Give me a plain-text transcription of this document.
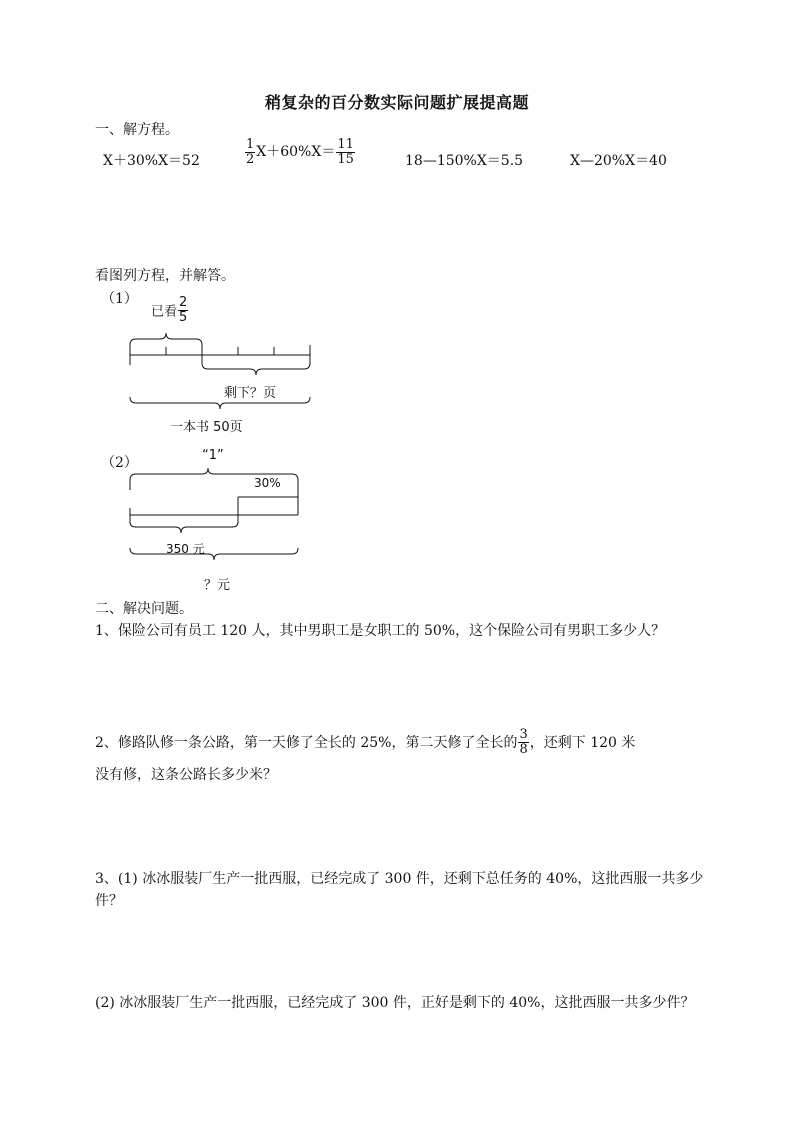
稍复杂的百分数实际问题扩展提高题
一、解方程。
X＋30%X＝52	$\frac{1}{2} X+60\%X= \frac{11}{15}$	18—150%X＝5.5	X—20%X＝40
看图列方程，并解答。
（1）
已看 $\frac{2}{5}$
剩下？页
一本书 50页
（2）	“1”
30%
350 元
？元
二、解决问题。
1、保险公司有员工 120 人，其中男职工是女职工的 50%，这个保险公司有男职工多少人？
2、修路队修一条公路，第一天修了全长的 25%，第二天修了全长的 $\frac{3}{8}$ ，还剩下 120 米
没有修，这条公路长多少米？
3、(1) 冰冰服装厂生产一批西服，已经完成了 300 件，还剩下总任务的 40%，这批西服一共多少件？
(2) 冰冰服装厂生产一批西服，已经完成了 300 件，正好是剩下的 40%，这批西服一共多少件？
